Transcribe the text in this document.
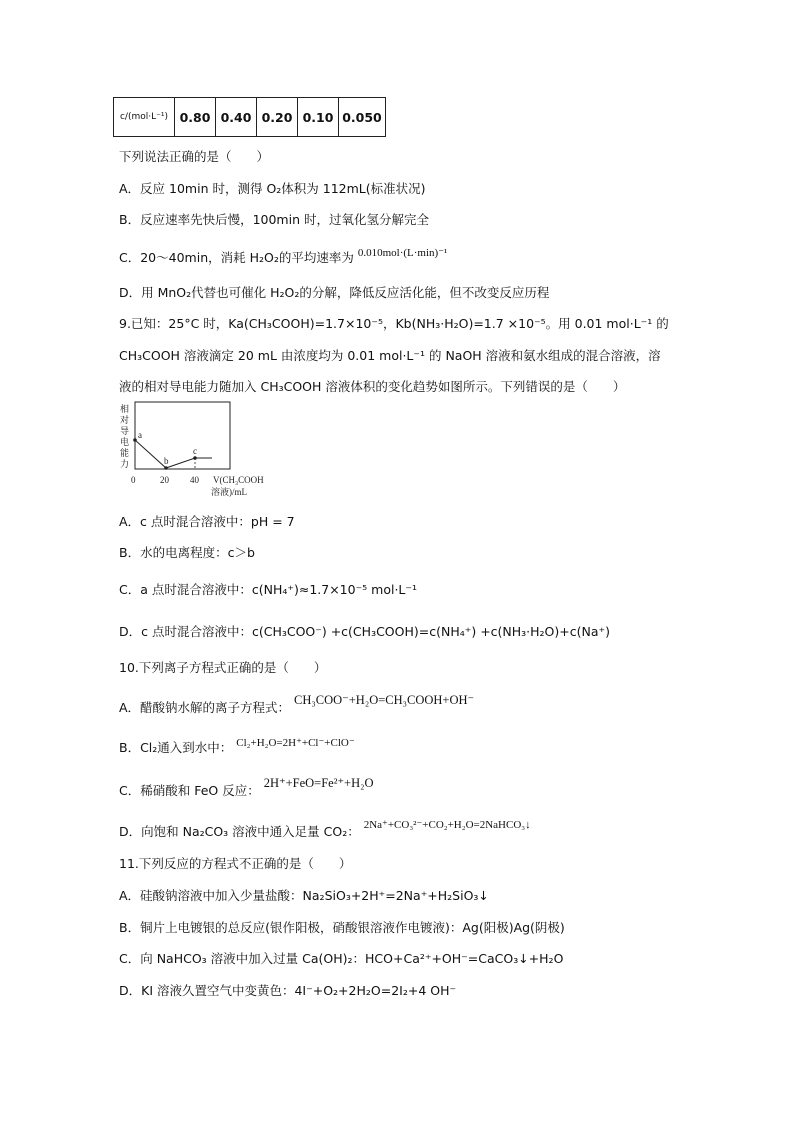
c/(mol·L⁻¹)	0.80	0.40	0.20	0.10	0.050
下列说法正确的是（　　）
A．反应 10min 时，测得 O₂体积为 112mL(标准状况)
B．反应速率先快后慢，100min 时，过氧化氢分解完全
C．20～40min，消耗 H₂O₂的平均速率为 0.010mol·(L·min)⁻¹
D．用 MnO₂代替也可催化 H₂O₂的分解，降低反应活化能，但不改变反应历程
9.已知：25°C 时，Ka(CH₃COOH)=1.7×10⁻⁵，Kb(NH₃·H₂O)=1.7 ×10⁻⁵。用 0.01 mol·L⁻¹ 的
CH₃COOH 溶液滴定 20 mL 由浓度均为 0.01 mol·L⁻¹ 的 NaOH 溶液和氨水组成的混合溶液，溶
液的相对导电能力随加入 CH₃COOH 溶液体积的变化趋势如图所示。下列错误的是（　　）
相
对
导
电
能
力
a
b
c
0	20 40 V(CH₃COOH
溶液)/mL
A．c 点时混合溶液中：pH = 7
B．水的电离程度：c＞b
C．a 点时混合溶液中：c(NH₄⁺)≈1.7×10⁻⁵ mol·L⁻¹
D．c 点时混合溶液中：c(CH₃COO⁻) +c(CH₃COOH)=c(NH₄⁺) +c(NH₃·H₂O)+c(Na⁺)
10.下列离子方程式正确的是（　　）
A．醋酸钠水解的离子方程式： CH₃COO⁻+H₂O=CH₃COOH+OH⁻
B．Cl₂通入到水中： Cl₂+H₂O=2H⁺+Cl⁻+ClO⁻
C．稀硝酸和 FeO 反应： 2H⁺+FeO=Fe²⁺+H₂O
D．向饱和 Na₂CO₃ 溶液中通入足量 CO₂： 2Na⁺+CO₃²⁻+CO₂+H₂O=2NaHCO₃↓
11.下列反应的方程式不正确的是（　　）
A．硅酸钠溶液中加入少量盐酸：Na₂SiO₃+2H⁺=2Na⁺+H₂SiO₃↓
B．铜片上电镀银的总反应(银作阳极，硝酸银溶液作电镀液)：Ag(阳极)Ag(阴极)
C．向 NaHCO₃ 溶液中加入过量 Ca(OH)₂：HCO+Ca²⁺+OH⁻=CaCO₃↓+H₂O
D．KI 溶液久置空气中变黄色：4I⁻+O₂+2H₂O=2I₂+4 OH⁻
